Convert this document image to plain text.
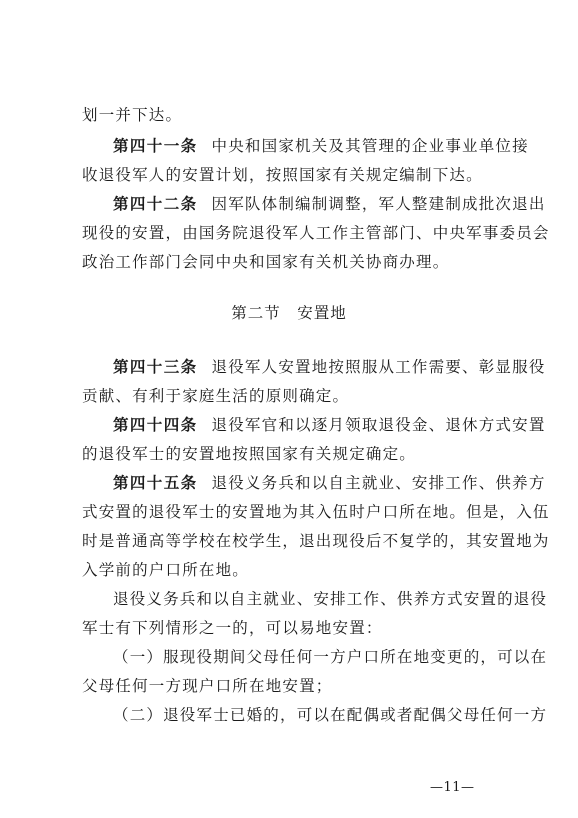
划一并下达。
第四十一条 中央和国家机关及其管理的企业事业单位接
收退役军人的安置计划，按照国家有关规定编制下达。
第四十二条 因军队体制编制调整，军人整建制成批次退出
现役的安置，由国务院退役军人工作主管部门、中央军事委员会
政治工作部门会同中央和国家有关机关协商办理。
第二节　安置地
第四十三条 退役军人安置地按照服从工作需要、彰显服役
贡献、有利于家庭生活的原则确定。
第四十四条 退役军官和以逐月领取退役金、退休方式安置
的退役军士的安置地按照国家有关规定确定。
第四十五条 退役义务兵和以自主就业、安排工作、供养方
式安置的退役军士的安置地为其入伍时户口所在地。但是，入伍
时是普通高等学校在校学生，退出现役后不复学的，其安置地为
入学前的户口所在地。
退役义务兵和以自主就业、安排工作、供养方式安置的退役
军士有下列情形之一的，可以易地安置：
（一）服现役期间父母任何一方户口所在地变更的，可以在
父母任何一方现户口所在地安置；
（二）退役军士已婚的，可以在配偶或者配偶父母任何一方
—11—
